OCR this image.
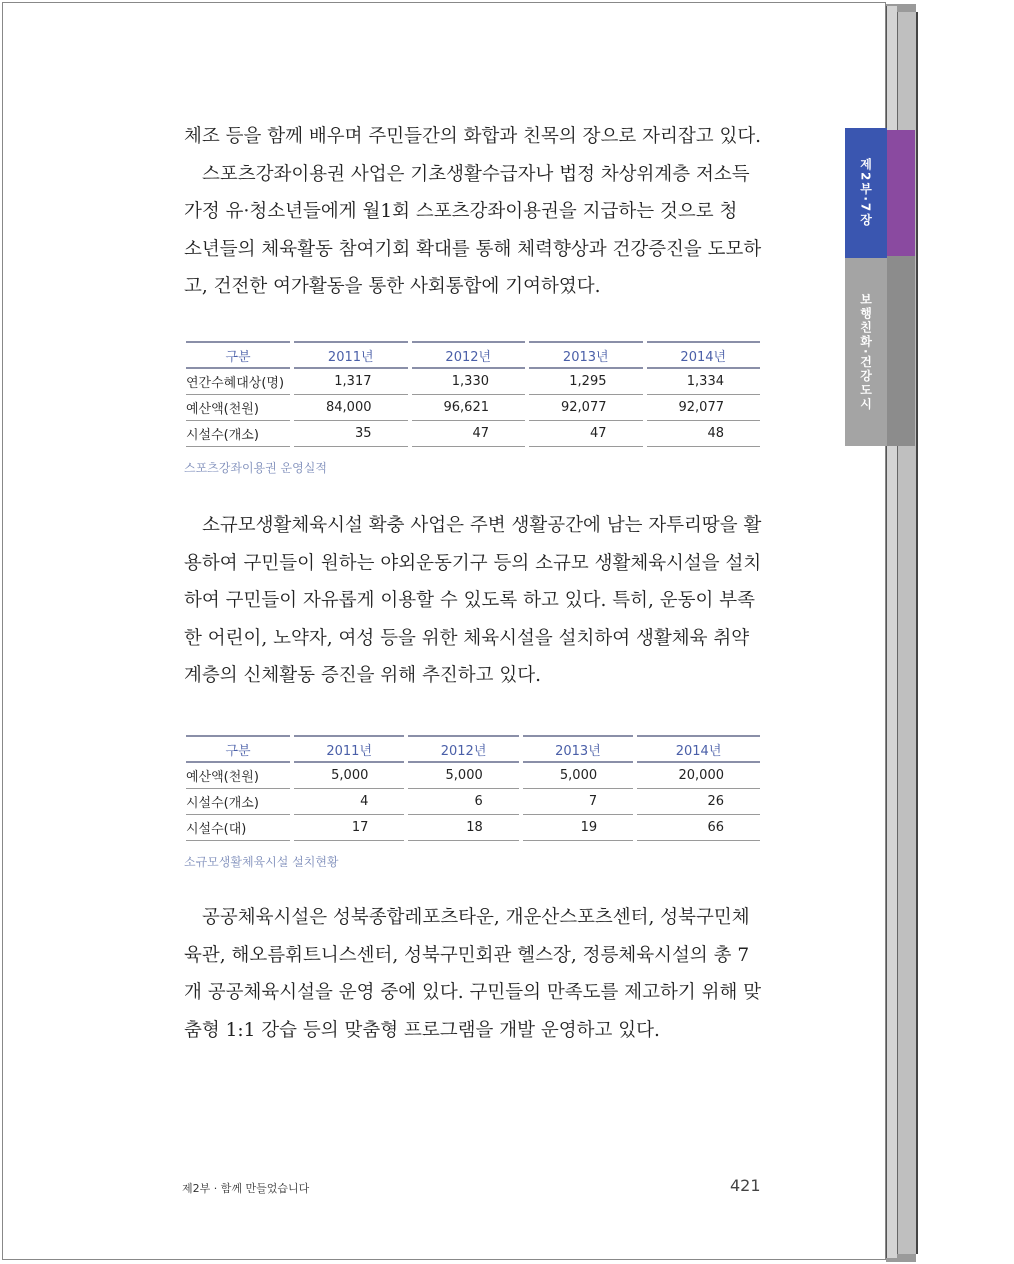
제2부·7장
보행친화·건강도시

체조 등을 함께 배우며 주민들간의 화합과 친목의 장으로 자리잡고 있다.
스포츠강좌이용권 사업은 기초생활수급자나 법정 차상위계층 저소득
가정 유·청소년들에게 월1회 스포츠강좌이용권을 지급하는 것으로 청
소년들의 체육활동 참여기회 확대를 통해 체력향상과 건강증진을 도모하
고, 건전한 여가활동을 통한 사회통합에 기여하였다.

구분	2011년	2012년	2013년	2014년
연간수혜대상(명)	1,317	1,330	1,295	1,334
예산액(천원)	84,000	96,621	92,077	92,077
시설수(개소)	35	47	47	48
스포츠강좌이용권 운영실적

소규모생활체육시설 확충 사업은 주변 생활공간에 남는 자투리땅을 활
용하여 구민들이 원하는 야외운동기구 등의 소규모 생활체육시설을 설치
하여 구민들이 자유롭게 이용할 수 있도록 하고 있다. 특히, 운동이 부족
한 어린이, 노약자, 여성 등을 위한 체육시설을 설치하여 생활체육 취약
계층의 신체활동 증진을 위해 추진하고 있다.

구분	2011년	2012년	2013년	2014년
예산액(천원)	5,000	5,000	5,000	20,000
시설수(개소)	4	6	7	26
시설수(대)	17	18	19	66
소규모생활체육시설 설치현황

공공체육시설은 성북종합레포츠타운, 개운산스포츠센터, 성북구민체
육관, 해오름휘트니스센터, 성북구민회관 헬스장, 정릉체육시설의 총 7
개 공공체육시설을 운영 중에 있다. 구민들의 만족도를 제고하기 위해 맞
춤형 1:1 강습 등의 맞춤형 프로그램을 개발 운영하고 있다.

제2부 · 함께 만들었습니다	421
